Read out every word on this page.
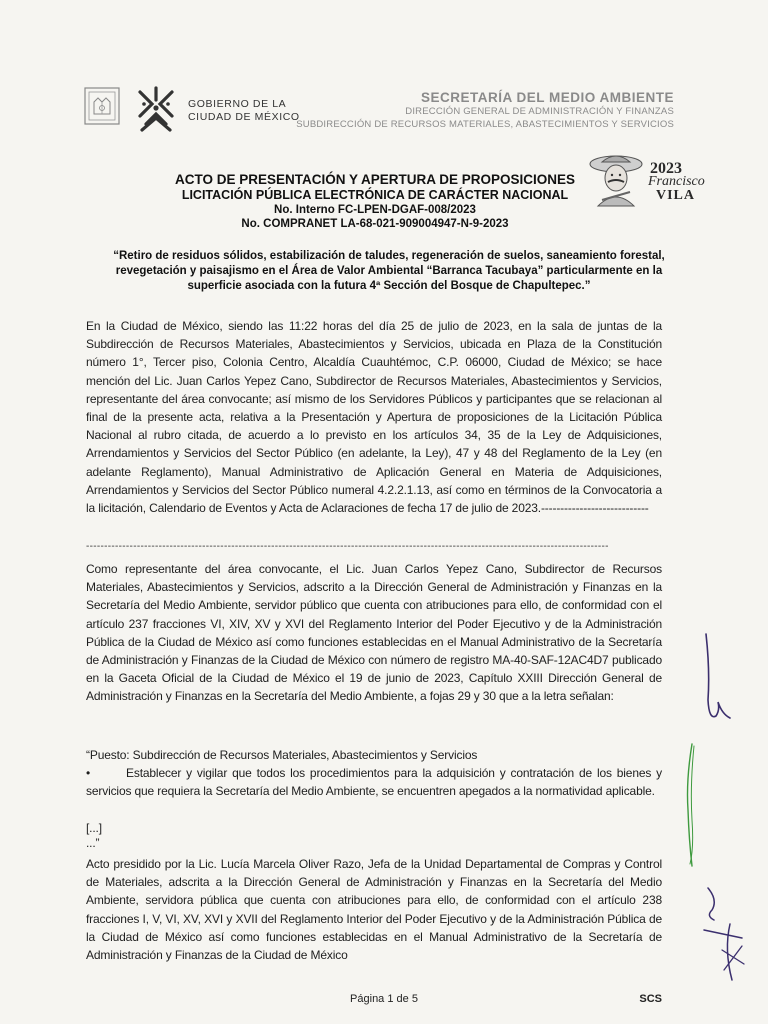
GOBIERNO DE LA
CIUDAD DE MÉXICO
SECRETARÍA DEL MEDIO AMBIENTE
DIRECCIÓN GENERAL DE ADMINISTRACIÓN Y FINANZAS
SUBDIRECCIÓN DE RECURSOS MATERIALES, ABASTECIMIENTOS Y SERVICIOS
2023
Francisco
VILA
ACTO DE PRESENTACIÓN Y APERTURA DE PROPOSICIONES
LICITACIÓN PÚBLICA ELECTRÓNICA DE CARÁCTER NACIONAL
No. Interno FC-LPEN-DGAF-008/2023
No. COMPRANET LA-68-021-909004947-N-9-2023
“Retiro de residuos sólidos, estabilización de taludes, regeneración de suelos, saneamiento forestal, revegetación y paisajismo en el Área de Valor Ambiental “Barranca Tacubaya” particularmente en la superficie asociada con la futura 4ª Sección del Bosque de Chapultepec.”
En la Ciudad de México, siendo las 11:22 horas del día 25 de julio de 2023, en la sala de juntas de la Subdirección de Recursos Materiales, Abastecimientos y Servicios, ubicada en Plaza de la Constitución número 1°, Tercer piso, Colonia Centro, Alcaldía Cuauhtémoc, C.P. 06000, Ciudad de México; se hace mención del Lic. Juan Carlos Yepez Cano, Subdirector de Recursos Materiales, Abastecimientos y Servicios, representante del área convocante; así mismo de los Servidores Públicos y participantes que se relacionan al final de la presente acta, relativa a la Presentación y Apertura de proposiciones de la Licitación Pública Nacional al rubro citada, de acuerdo a lo previsto en los artículos 34, 35 de la Ley de Adquisiciones, Arrendamientos y Servicios del Sector Público (en adelante, la Ley), 47 y 48 del Reglamento de la Ley (en adelante Reglamento), Manual Administrativo de Aplicación General en Materia de Adquisiciones, Arrendamientos y Servicios del Sector Público numeral 4.2.2.1.13, así como en términos de la Convocatoria a la licitación, Calendario de Eventos y Acta de Aclaraciones de fecha 17 de julio de 2023.----------------------------
------------------------------------------------------------------------------------------------------------------------------------------------
Como representante del área convocante, el Lic. Juan Carlos Yepez Cano, Subdirector de Recursos Materiales, Abastecimientos y Servicios, adscrito a la Dirección General de Administración y Finanzas en la Secretaría del Medio Ambiente, servidor público que cuenta con atribuciones para ello, de conformidad con el artículo 237 fracciones VI, XIV, XV y XVI del Reglamento Interior del Poder Ejecutivo y de la Administración Pública de la Ciudad de México así como funciones establecidas en el Manual Administrativo de la Secretaría de Administración y Finanzas de la Ciudad de México con número de registro MA-40-SAF-12AC4D7 publicado en la Gaceta Oficial de la Ciudad de México el 19 de junio de 2023, Capítulo XXIII Dirección General de Administración y Finanzas en la Secretaría del Medio Ambiente, a fojas 29 y 30 que a la letra señalan:
“Puesto: Subdirección de Recursos Materiales, Abastecimientos y Servicios
•	Establecer y vigilar que todos los procedimientos para la adquisición y contratación de los bienes y servicios que requiera la Secretaría del Medio Ambiente, se encuentren apegados a la normatividad aplicable.
[...]
...”
Acto presidido por la Lic. Lucía Marcela Oliver Razo, Jefa de la Unidad Departamental de Compras y Control de Materiales, adscrita a la Dirección General de Administración y Finanzas en la Secretaría del Medio Ambiente, servidora pública que cuenta con atribuciones para ello, de conformidad con el artículo 238 fracciones I, V, VI, XV, XVI y XVII del Reglamento Interior del Poder Ejecutivo y de la Administración Pública de la Ciudad de México así como funciones establecidas en el Manual Administrativo de la Secretaría de Administración y Finanzas de la Ciudad de México
Página 1 de 5	SCS
